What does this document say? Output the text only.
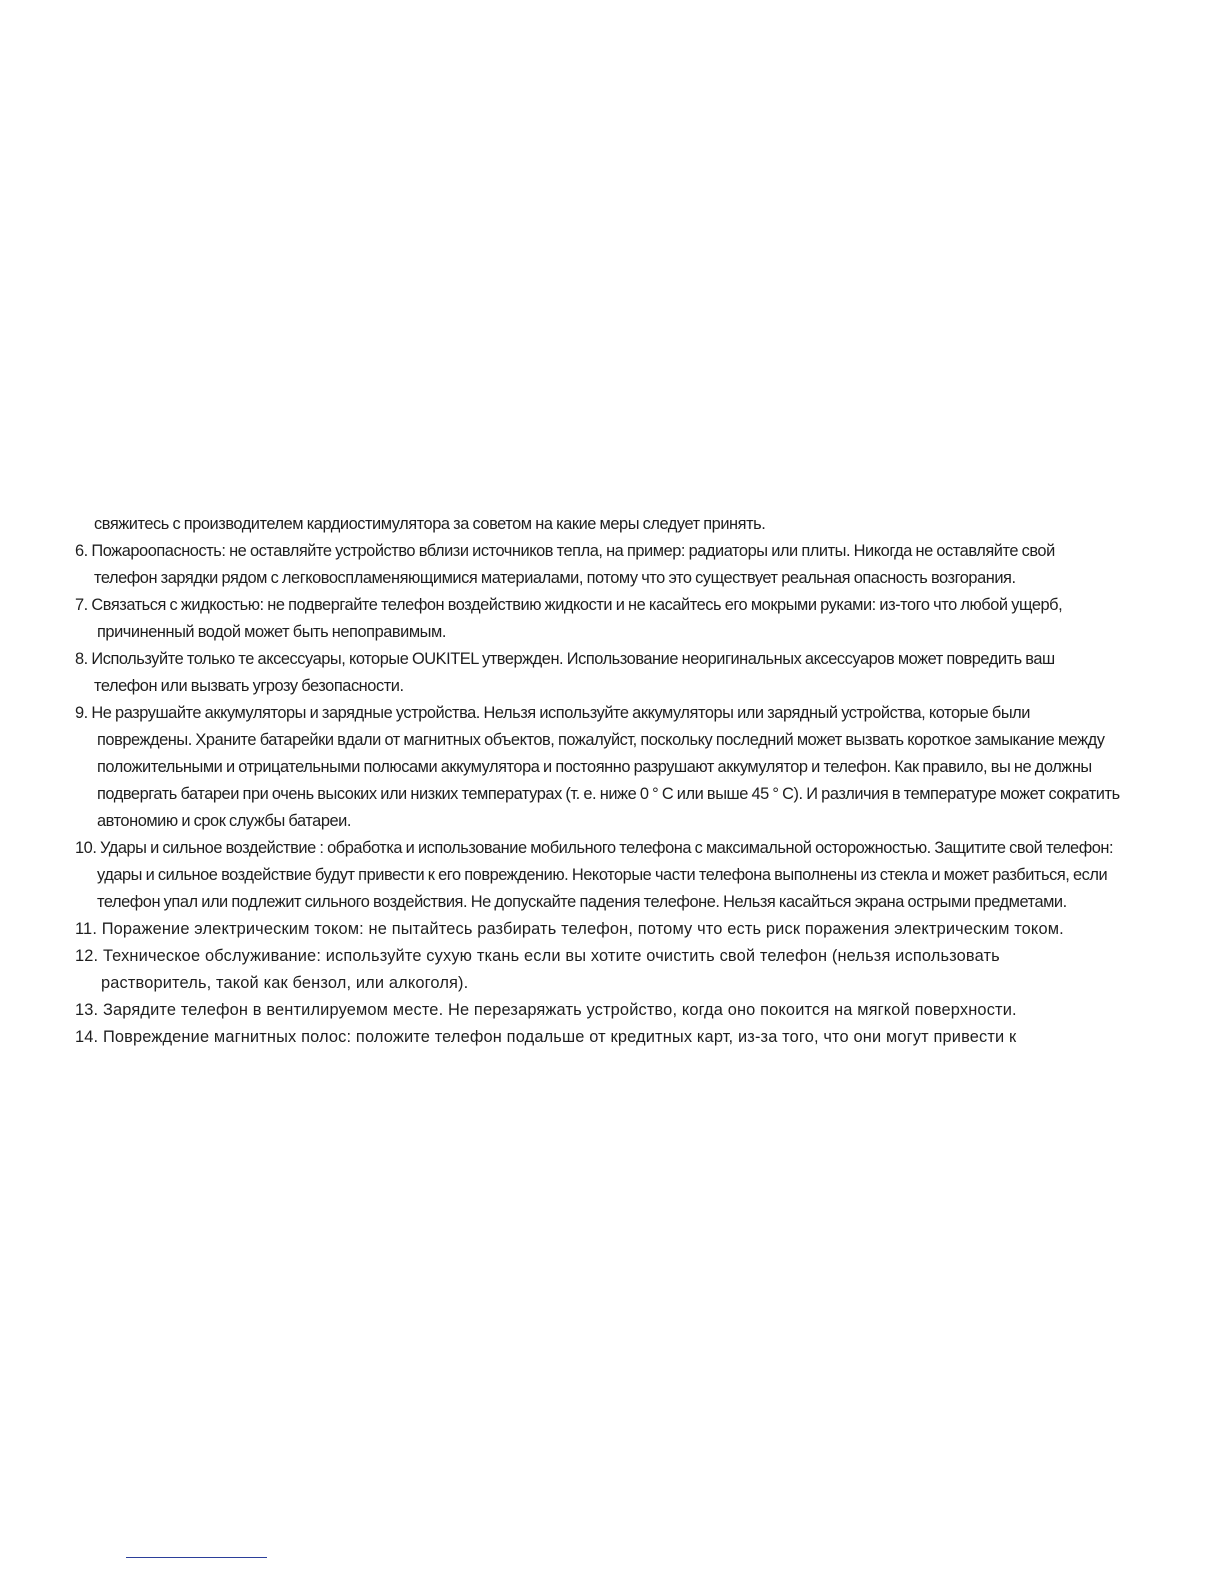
свяжитесь с производителем кардиостимулятора за советом на какие меры следует принять.
6. Пожароопасность: не оставляйте устройство вблизи источников тепла, на пример: радиаторы или плиты. Никогда не оставляйте свой
телефон зарядки рядом с легковоспламеняющимися материалами, потому что это существует реальная опасность возгорания.
7. Связаться с жидкостью: не подвергайте телефон воздействию жидкости и не касайтесь его мокрыми руками: из-того что любой ущерб,
причиненный водой может быть непоправимым.
8. Используйте только те аксессуары, которые OUKITEL утвержден. Использование неоригинальных аксессуаров может повредить ваш
телефон или вызвать угрозу безопасности.
9. Не разрушайте аккумуляторы и зарядные устройства. Нельзя используйте аккумуляторы или зарядный устройства, которые были
повреждены. Храните батарейки вдали от магнитных объектов, пожалуйст, поскольку последний может вызвать короткое замыкание между
положительными и отрицательными полюсами аккумулятора и постоянно разрушают аккумулятор и телефон. Как правило, вы не должны
подвергать батареи при очень высоких или низких температурах (т. е. ниже 0 ° C или выше 45 ° C). И различия в температуре может сократить
автономию и срок службы батареи.
10. Удары и сильное воздействие : обработка и использование мобильного телефона с максимальной осторожностью. Защитите свой телефон:
удары и сильное воздействие будут привести к его повреждению. Некоторые части телефона выполнены из стекла и может разбиться, если
телефон упал или подлежит сильного воздействия. Не допускайте падения телефоне. Нельзя касайться экрана острыми предметами.
11. Поражение электрическим током: не пытайтесь разбирать телефон, потому что есть риск поражения электрическим током.
12. Техническое обслуживание: используйте сухую ткань если вы хотите очистить свой телефон (нельзя использовать
растворитель, такой как бензол, или алкоголя).
13. Зарядите телефон в вентилируемом месте. Не перезаряжать устройство, когда оно покоится на мягкой поверхности.
14. Повреждение магнитных полос: положите телефон подальше от кредитных карт, из-за того, что они могут привести к
